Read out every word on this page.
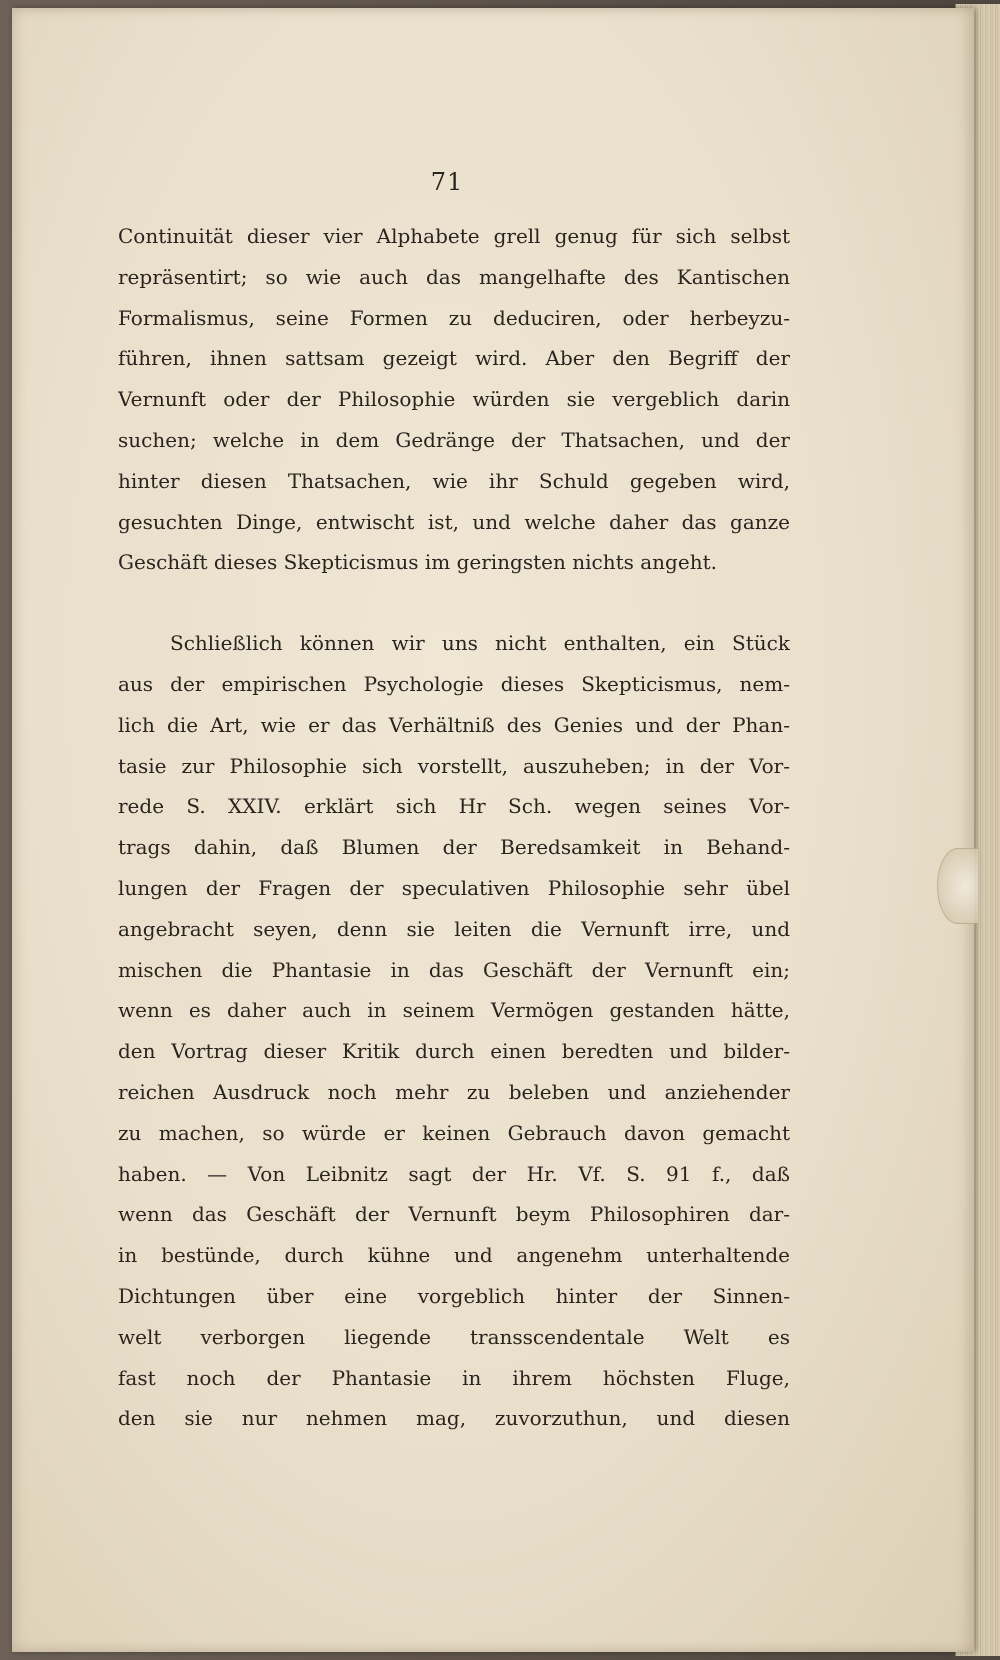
71
Continuität dieser vier Alphabete grell genug für sich selbst
repräsentirt; so wie auch das mangelhafte des Kantischen
Formalismus, seine Formen zu deduciren, oder herbeyzu-
führen, ihnen sattsam gezeigt wird. Aber den Begriff der
Vernunft oder der Philosophie würden sie vergeblich darin
suchen; welche in dem Gedränge der Thatsachen, und der
hinter diesen Thatsachen, wie ihr Schuld gegeben wird,
gesuchten Dinge, entwischt ist, und welche daher das ganze
Geschäft dieses Skepticismus im geringsten nichts angeht.
Schließlich können wir uns nicht enthalten, ein Stück
aus der empirischen Psychologie dieses Skepticismus, nem-
lich die Art, wie er das Verhältniß des Genies und der Phan-
tasie zur Philosophie sich vorstellt, auszuheben; in der Vor-
rede S. XXIV. erklärt sich Hr Sch. wegen seines Vor-
trags dahin, daß Blumen der Beredsamkeit in Behand-
lungen der Fragen der speculativen Philosophie sehr übel
angebracht seyen, denn sie leiten die Vernunft irre, und
mischen die Phantasie in das Geschäft der Vernunft ein;
wenn es daher auch in seinem Vermögen gestanden hätte,
den Vortrag dieser Kritik durch einen beredten und bilder-
reichen Ausdruck noch mehr zu beleben und anziehender
zu machen, so würde er keinen Gebrauch davon gemacht
haben. — Von Leibnitz sagt der Hr. Vf. S. 91 f., daß
wenn das Geschäft der Vernunft beym Philosophiren dar-
in bestünde, durch kühne und angenehm unterhaltende
Dichtungen über eine vorgeblich hinter der Sinnen-
welt verborgen liegende transscendentale Welt es
fast noch der Phantasie in ihrem höchsten Fluge,
den sie nur nehmen mag, zuvorzuthun, und diesen
